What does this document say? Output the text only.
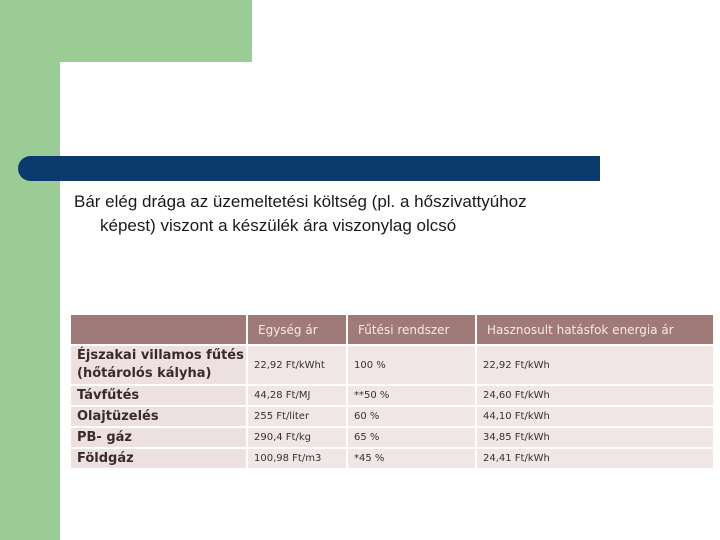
Bár elég drága az üzemeltetési költség (pl. a hőszivattyúhoz
képest) viszont a készülék ára viszonylag olcsó
	Egység ár	Fűtési rendszer	Hasznosult hatásfok energia ár
Éjszakai villamos fűtés (hőtárolós kályha)	22,92 Ft/kWht	100 %	22,92 Ft/kWh
Távfűtés	44,28 Ft/MJ	**50 %	24,60 Ft/kWh
Olajtüzelés	255 Ft/liter	60 %	44,10 Ft/kWh
PB- gáz	290,4 Ft/kg	65 %	34,85 Ft/kWh
Földgáz	100,98 Ft/m3	*45 %	24,41 Ft/kWh
